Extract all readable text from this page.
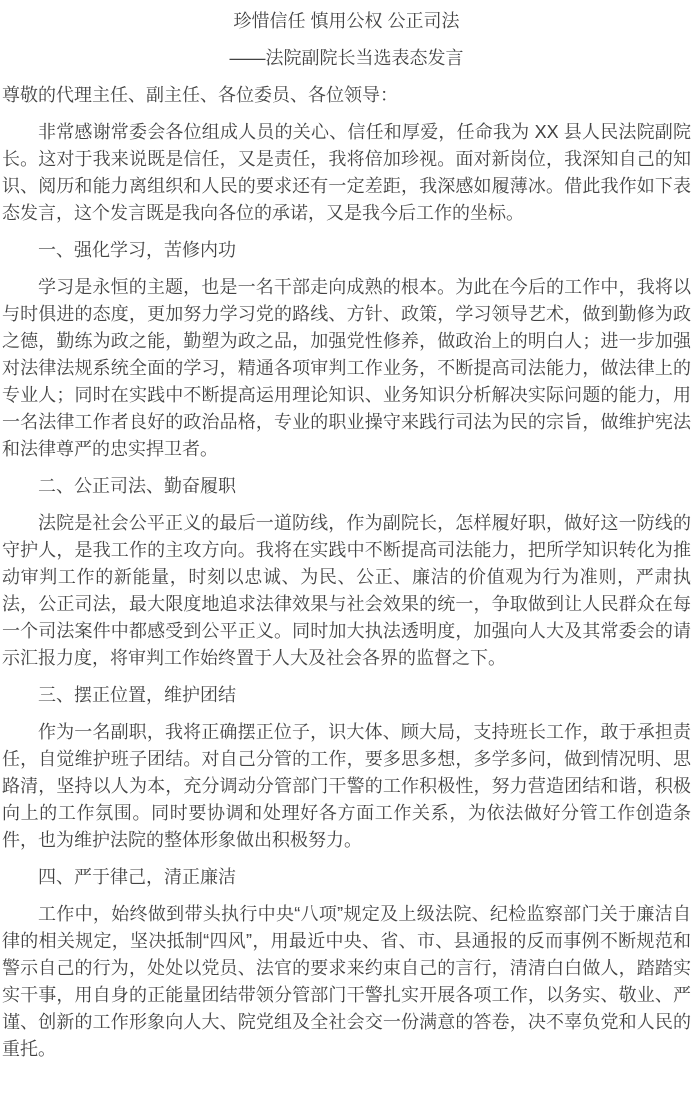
珍惜信任 慎用公权 公正司法
——法院副院长当选表态发言

尊敬的代理主任、副主任、各位委员、各位领导：

非常感谢常委会各位组成人员的关心、信任和厚爱，任命我为 XX 县人民法院副院长。这对于我来说既是信任，又是责任，我将倍加珍视。面对新岗位，我深知自己的知识、阅历和能力离组织和人民的要求还有一定差距，我深感如履薄冰。借此我作如下表态发言，这个发言既是我向各位的承诺，又是我今后工作的坐标。

一、强化学习，苦修内功

学习是永恒的主题，也是一名干部走向成熟的根本。为此在今后的工作中，我将以与时俱进的态度，更加努力学习党的路线、方针、政策，学习领导艺术，做到勤修为政之德，勤练为政之能，勤塑为政之品，加强党性修养，做政治上的明白人；进一步加强对法律法规系统全面的学习，精通各项审判工作业务，不断提高司法能力，做法律上的专业人；同时在实践中不断提高运用理论知识、业务知识分析解决实际问题的能力，用一名法律工作者良好的政治品格，专业的职业操守来践行司法为民的宗旨，做维护宪法和法律尊严的忠实捍卫者。

二、公正司法、勤奋履职

法院是社会公平正义的最后一道防线，作为副院长，怎样履好职，做好这一防线的守护人，是我工作的主攻方向。我将在实践中不断提高司法能力，把所学知识转化为推动审判工作的新能量，时刻以忠诚、为民、公正、廉洁的价值观为行为准则，严肃执法，公正司法，最大限度地追求法律效果与社会效果的统一，争取做到让人民群众在每一个司法案件中都感受到公平正义。同时加大执法透明度，加强向人大及其常委会的请示汇报力度，将审判工作始终置于人大及社会各界的监督之下。

三、摆正位置，维护团结

作为一名副职，我将正确摆正位子，识大体、顾大局，支持班长工作，敢于承担责任，自觉维护班子团结。对自己分管的工作，要多思多想，多学多问，做到情况明、思路清，坚持以人为本，充分调动分管部门干警的工作积极性，努力营造团结和谐，积极向上的工作氛围。同时要协调和处理好各方面工作关系，为依法做好分管工作创造条件，也为维护法院的整体形象做出积极努力。

四、严于律己，清正廉洁

工作中，始终做到带头执行中央“八项”规定及上级法院、纪检监察部门关于廉洁自律的相关规定，坚决抵制“四风”，用最近中央、省、市、县通报的反而事例不断规范和警示自己的行为，处处以党员、法官的要求来约束自己的言行，清清白白做人，踏踏实实干事，用自身的正能量团结带领分管部门干警扎实开展各项工作，以务实、敬业、严谨、创新的工作形象向人大、院党组及全社会交一份满意的答卷，决不辜负党和人民的重托。
